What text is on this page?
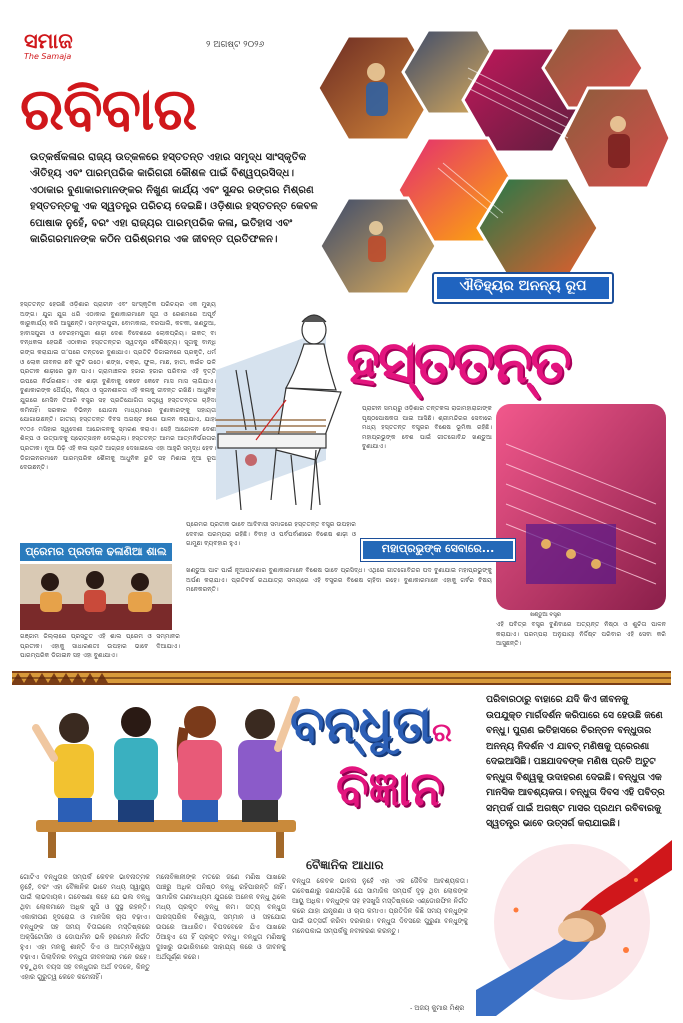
ସମାଜ
The Samaja
୨ ଅଗଷ୍ଟ ୨୦୨୬
ରବିବାର
ଉତ୍କର୍ଷକଳାର ରାଜ୍ୟ ଉତ୍କଳରେ ହସ୍ତତନ୍ତ ଏହାର ସମୃଦ୍ଧ ସାଂସ୍କୃତିକ ଐତିହ୍ୟ ଏବଂ ପାରମ୍ପରିକ କାରିଗରୀ କୌଶଳ ପାଇଁ ବିଶ୍ୱପ୍ରସିଦ୍ଧ। ଏଠାକାର ବୁଣାକାରମାନଙ୍କର ନିଖୁଣ କାର୍ଯ୍ୟ ଏବଂ ସୁନ୍ଦର ରଙ୍ଗର ମିଶ୍ରଣ ହସ୍ତତନ୍ତକୁ ଏକ ସ୍ୱତନ୍ତ୍ର ପରିଚୟ ଦେଇଛି। ଓଡ଼ିଶାର ହସ୍ତତନ୍ତ କେବଳ ପୋଷାକ ନୁହେଁ, ବରଂ ଏହା ରାଜ୍ୟର ପାରମ୍ପରିକ କଳା, ଇତିହାସ ଏବଂ କାରିଗରମାନଙ୍କ କଠିନ ପରିଶ୍ରମର ଏକ ଜୀବନ୍ତ ପ୍ରତିଫଳନ।
ଐତିହ୍ୟର ଅନନ୍ୟ ରୂପ
ହସ୍ତତନ୍ତ ହେଉଛି ଓଡ଼ିଶାର ପ୍ରାଚୀନ ଏବଂ ସାଂସ୍କୃତିକ ପରିଚୟର ଏକ ମୁଖ୍ୟ ଅଙ୍ଗ। ଯୁଗ ଯୁଗ ଧରି ଏଠାକାର ବୁଣାକାରମାନେ ସୂତା ଓ ରେଶମରେ ଅପୂର୍ବ କାରୁକାର୍ଯ୍ୟ କରି ଆସୁଛନ୍ତି। ସମ୍ବଲପୁରୀ, ବୋମକାଇ, ବରପାଲି, କଟକୀ, ଖଣ୍ଡୁଆ, ହାବାସପୁରୀ ଓ ବେରହମପୁରୀ ଶାଢ଼ୀ ଦେଶ ବିଦେଶରେ ଲୋକପ୍ରିୟ। ଇକତ୍ ବା ବନ୍ଧକଳା ହେଉଛି ଏଠାକାର ହସ୍ତତନ୍ତର ସ୍ୱତନ୍ତ୍ର ବୈଶିଷ୍ଟ୍ୟ। ସୂତାକୁ ବାନ୍ଧି ରଙ୍ଗ କରାଯାଇ ତା’ପରେ ତନ୍ତରେ ବୁଣାଯାଏ। ପ୍ରତିଟି ଡିଜାଇନରେ ପ୍ରକୃତି, ଧର୍ମ ଓ ଲୋକ ଜୀବନର ଛବି ଫୁଟି ଉଠେ। ଶଙ୍ଖ, ଚକ୍ର, ଫୁଲ, ମାଛ, ହାତୀ, କଇଁଚ ଭଳି ପ୍ରତୀକ ଶାଢ଼ୀରେ ସ୍ଥାନ ପାଏ। ଗ୍ରାମାଞ୍ଚଳର ହଜାର ହଜାର ପରିବାର ଏହି ବୃତ୍ତି ଉପରେ ନିର୍ଭରଶୀଳ। ଏକ ଶାଢ଼ୀ ବୁଣିବାକୁ କେବେ କେବେ ମାସ ମାସ ଲାଗିଯାଏ। ବୁଣାକାରଙ୍କ ଧୈର୍ଯ୍ୟ, ନିଷ୍ଠା ଓ ସୃଜନଶୀଳତା ଏହି କଳାକୁ ଜୀବନ୍ତ ରଖିଛି। ଆଧୁନିକ ଯୁଗରେ ମେସିନ ତିଆରି ବସ୍ତ୍ର ସହ ପ୍ରତିଯୋଗିତା ସତ୍ତ୍ୱେ ହସ୍ତତନ୍ତର ଚାହିଦା କମିନାହିଁ। ସରକାର ବିଭିନ୍ନ ଯୋଜନା ମାଧ୍ୟମରେ ବୁଣାକାରଙ୍କୁ ସହାୟତା ଯୋଗାଉଛନ୍ତି। ଜାତୀୟ ହସ୍ତତନ୍ତ ଦିବସ ଅଗଷ୍ଟ ୭ରେ ପାଳନ କରାଯାଏ, ଯାହା ୧୯୦୫ ମସିହାର ସ୍ୱଦେଶୀ ଆନ୍ଦୋଳନକୁ ସ୍ମରଣ କରାଏ। ସେହି ଆନ୍ଦୋଳନ ଦେଶୀ ଶିଳ୍ପ ଓ ଉତ୍ପାଦକୁ ପ୍ରୋତ୍ସାହନ ଦେଇଥିଲା। ହସ୍ତତନ୍ତ ଆମର ଆତ୍ମନିର୍ଭରତାର ପ୍ରତୀକ। ନୂଆ ପିଢ଼ି ଏହି କଳା ପ୍ରତି ଆଗ୍ରହ ଦେଖାଇଲେ ଏହା ଆହୁରି ସମୃଦ୍ଧ ହେବ। ଡିଜାଇନରମାନେ ପାରମ୍ପରିକ ଶୈଳୀକୁ ଆଧୁନିକ ରୁଚି ସହ ମିଶାଇ ନୂଆ ରୂପ ଦେଉଛନ୍ତି।
ହସ୍ତତନ୍ତ
ପ୍ରାଚୀନ ସମୟରୁ ଓଡ଼ିଶାର ତନ୍ତକଳା ରାଜାମହାରାଜାଙ୍କ ପୃଷ୍ଠପୋଷକତା ପାଇ ଆସିଛି। ଶ୍ରୀମନ୍ଦିରର ସେବାରେ ମଧ୍ୟ ହସ୍ତତନ୍ତ ବସ୍ତ୍ରର ବିଶେଷ ଭୂମିକା ରହିଛି। ମହାପ୍ରଭୁଙ୍କ ବେଶ ପାଇଁ ଗୀତଗୋବିନ୍ଦ ଖଣ୍ଡୁଆ ବୁଣାଯାଏ।
ଖଣ୍ଡୁଆ ବସ୍ତ୍ର
ପ୍ରେମର ପ୍ରତୀକ ଭାବେ ଆଦିବାସୀ ସମାଜରେ ହସ୍ତତନ୍ତ ବସ୍ତ୍ର ଉପହାର ଦେବାର ପରମ୍ପରା ରହିଛି। ବିବାହ ଓ ପର୍ବପର୍ବାଣୀରେ ବିଶେଷ ଶାଢ଼ୀ ଓ ଗାମୁଛା ବ୍ୟବହାର ହୁଏ।
ପ୍ରେମର ପ୍ରତୀକ ଢଳାଣିଆ ଶାଲ	ମହାପ୍ରଭୁଙ୍କ ସେବାରେ...
ଗଞ୍ଜାମ ଜିଲ୍ଲାରେ ପ୍ରସ୍ତୁତ ଏହି ଶାଲ ପ୍ରେମ ଓ ସମ୍ମାନର ପ୍ରତୀକ। ଏହାକୁ ସାଧାରଣତଃ ଉପହାର ଭାବେ ଦିଆଯାଏ। ପାରମ୍ପରିକ ଡିଜାଇନ ସହ ଏହା ବୁଣାଯାଏ।
ଖଣ୍ଡୁଆ ପାଟ ପାଇଁ ନୂଆପାଟଣାର ବୁଣାକାରମାନେ ବିଶେଷ ଭାବେ ପ୍ରସିଦ୍ଧ। ଏଥିରେ ଗୀତଗୋବିନ୍ଦର ପଦ ବୁଣାଯାଇ ମହାପ୍ରଭୁଙ୍କୁ ଅର୍ପଣ କରାଯାଏ। ପ୍ରତିବର୍ଷ ରଥଯାତ୍ରା ସମୟରେ ଏହି ବସ୍ତ୍ରର ବିଶେଷ ଚାହିଦା ରହେ। ବୁଣାକାରମାନେ ଏହାକୁ ଗର୍ବର ବିଷୟ ମନେକରନ୍ତି।
ଏହି ପବିତ୍ର ବସ୍ତ୍ର ବୁଣିବାରେ ଅତ୍ୟନ୍ତ ନିଷ୍ଠା ଓ ଶୁଚିତା ପାଳନ କରାଯାଏ। ପରମ୍ପରା ଅନୁଯାୟୀ ନିର୍ଦ୍ଦିଷ୍ଟ ପରିବାର ଏହି ସେବା କରି ଆସୁଛନ୍ତି।
ବନ୍ଧୁତାର
ବିଜ୍ଞାନ
ପରିବାରଠାରୁ ବାହାରେ ଯଦି କିଏ ଜୀବନକୁ ଉପଯୁକ୍ତ ମାର୍ଗଦର୍ଶନ କରିପାରେ ସେ ହେଉଛି ଜଣେ ବନ୍ଧୁ। ପୁରାଣ ଇତିହାସରେ ଚିରନ୍ତନ ବନ୍ଧୁତାର ଅନନ୍ୟ ନିଦର୍ଶନ ଏ ଯାବତ୍ ମଣିଷକୁ ପ୍ରେରଣା ଦେଇଆସିଛି। ପଞ୍ଚଯାଦବଙ୍କ ମଣିଷ ପ୍ରତି ଅତୁଟ ବନ୍ଧୁତା ବିଶ୍ୱକୁ ଉଦାହରଣ ଦେଇଛି। ବନ୍ଧୁତା ଏକ ମାନସିକ ଆବଶ୍ୟକତା। ବନ୍ଧୁତା ଦିବସ ଏହି ପବିତ୍ର ସମ୍ପର୍କ ପାଇଁ ଅଗଷ୍ଟ ମାସର ପ୍ରଥମ ରବିବାରକୁ ସ୍ୱତନ୍ତ୍ର ଭାବେ ଉତ୍ସର୍ଗ କରାଯାଇଛି।
ବୈଜ୍ଞାନିକ ଆଧାର
ଗୋଟିଏ ବନ୍ଧୁତାର ସମ୍ପର୍କ କେବଳ ଭାବନାତ୍ମକ ନୁହେଁ, ବରଂ ଏହା ବୈଜ୍ଞାନିକ ଭାବେ ମଧ୍ୟ ସ୍ୱାସ୍ଥ୍ୟ ପାଇଁ ଲାଭଦାୟକ। ଗବେଷଣା କହେ ଯେ ଭଲ ବନ୍ଧୁ ଥିବା ଲୋକମାନେ ଅଧିକ ଖୁସି ଓ ସୁସ୍ଥ ରହନ୍ତି। ଏକାକୀପଣ ହୃଦରୋଗ ଓ ମାନସିକ ଚାପ ବଢ଼ାଏ। ବନ୍ଧୁଙ୍କ ସହ ସମୟ ବିତାଇଲେ ମସ୍ତିଷ୍କରେ ଅକ୍ସିଟୋସିନ ଓ ଡୋପାମିନ ଭଳି ହରମୋନ ନିର୍ଗତ ହୁଏ। ଏହା ମନକୁ ଶାନ୍ତି ଦିଏ ଓ ଆତ୍ମବିଶ୍ୱାସ ବଢ଼ାଏ। ପିଲାଦିନର ବନ୍ଧୁତା ଜୀବନସାରା ମନେ ରହେ। ବଢ଼ୁଥିବା ବୟସ ସହ ବନ୍ଧୁତାର ଅର୍ଥ ବଦଳେ, କିନ୍ତୁ ଏହାର ଗୁରୁତ୍ୱ କେବେ କମେନାହିଁ।
ମନୋବିଜ୍ଞାନୀଙ୍କ ମତରେ ଜଣେ ମଣିଷ ପାଖରେ ପାଞ୍ଚରୁ ଅଧିକ ଘନିଷ୍ଠ ବନ୍ଧୁ ରହିପାରନ୍ତି ନାହିଁ। ସାମାଜିକ ଗଣମାଧ୍ୟମ ଯୁଗରେ ଅନେକ ବନ୍ଧୁ ଥିଲେ ମଧ୍ୟ ପ୍ରକୃତ ବନ୍ଧୁ କମ। ସତ୍ୟ ବନ୍ଧୁତା ପାରସ୍ପରିକ ବିଶ୍ୱାସ, ସମ୍ମାନ ଓ ସହଯୋଗ ଉପରେ ଆଧାରିତ। ବିପଦବେଳେ ଯିଏ ପାଖରେ ଠିଆହୁଏ ସେ ହିଁ ପ୍ରକୃତ ବନ୍ଧୁ। ବନ୍ଧୁତା ମଣିଷକୁ ଦୁଃଖରୁ ଉଭାରିବାରେ ସାହାଯ୍ୟ କରେ ଓ ଜୀବନକୁ ଅର୍ଥପୂର୍ଣ୍ଣ କରେ।
ବନ୍ଧୁତା କେବଳ ଭାବନା ନୁହେଁ ଏହା ଏକ ଜୈବିକ ଆବଶ୍ୟକତା। ଗବେଷଣାରୁ ଜଣାପଡ଼ିଛି ଯେ ସାମାଜିକ ସମ୍ପର୍କ ଦୃଢ଼ ଥିବା ଲୋକଙ୍କ ଆୟୁ ଅଧିକ। ବନ୍ଧୁଙ୍କ ସହ ହସଖୁସି ମସ୍ତିଷ୍କରେ ଏଣ୍ଡୋରଫିନ ନିର୍ଗତ କରେ ଯାହା ଯନ୍ତ୍ରଣା ଓ ଚାପ କମାଏ। ପ୍ରତିଦିନ କିଛି ସମୟ ବନ୍ଧୁଙ୍କ ପାଇଁ ଉତ୍ସର୍ଗ କରିବା ଦରକାର। ବନ୍ଧୁତା ଦିବସରେ ପୁରୁଣା ବନ୍ଧୁଙ୍କୁ ମନେପକାଇ ସମ୍ପର୍କକୁ ନବୀକରଣ କରନ୍ତୁ।
- ଅଜୟ କୁମାର ମିଶ୍ର
